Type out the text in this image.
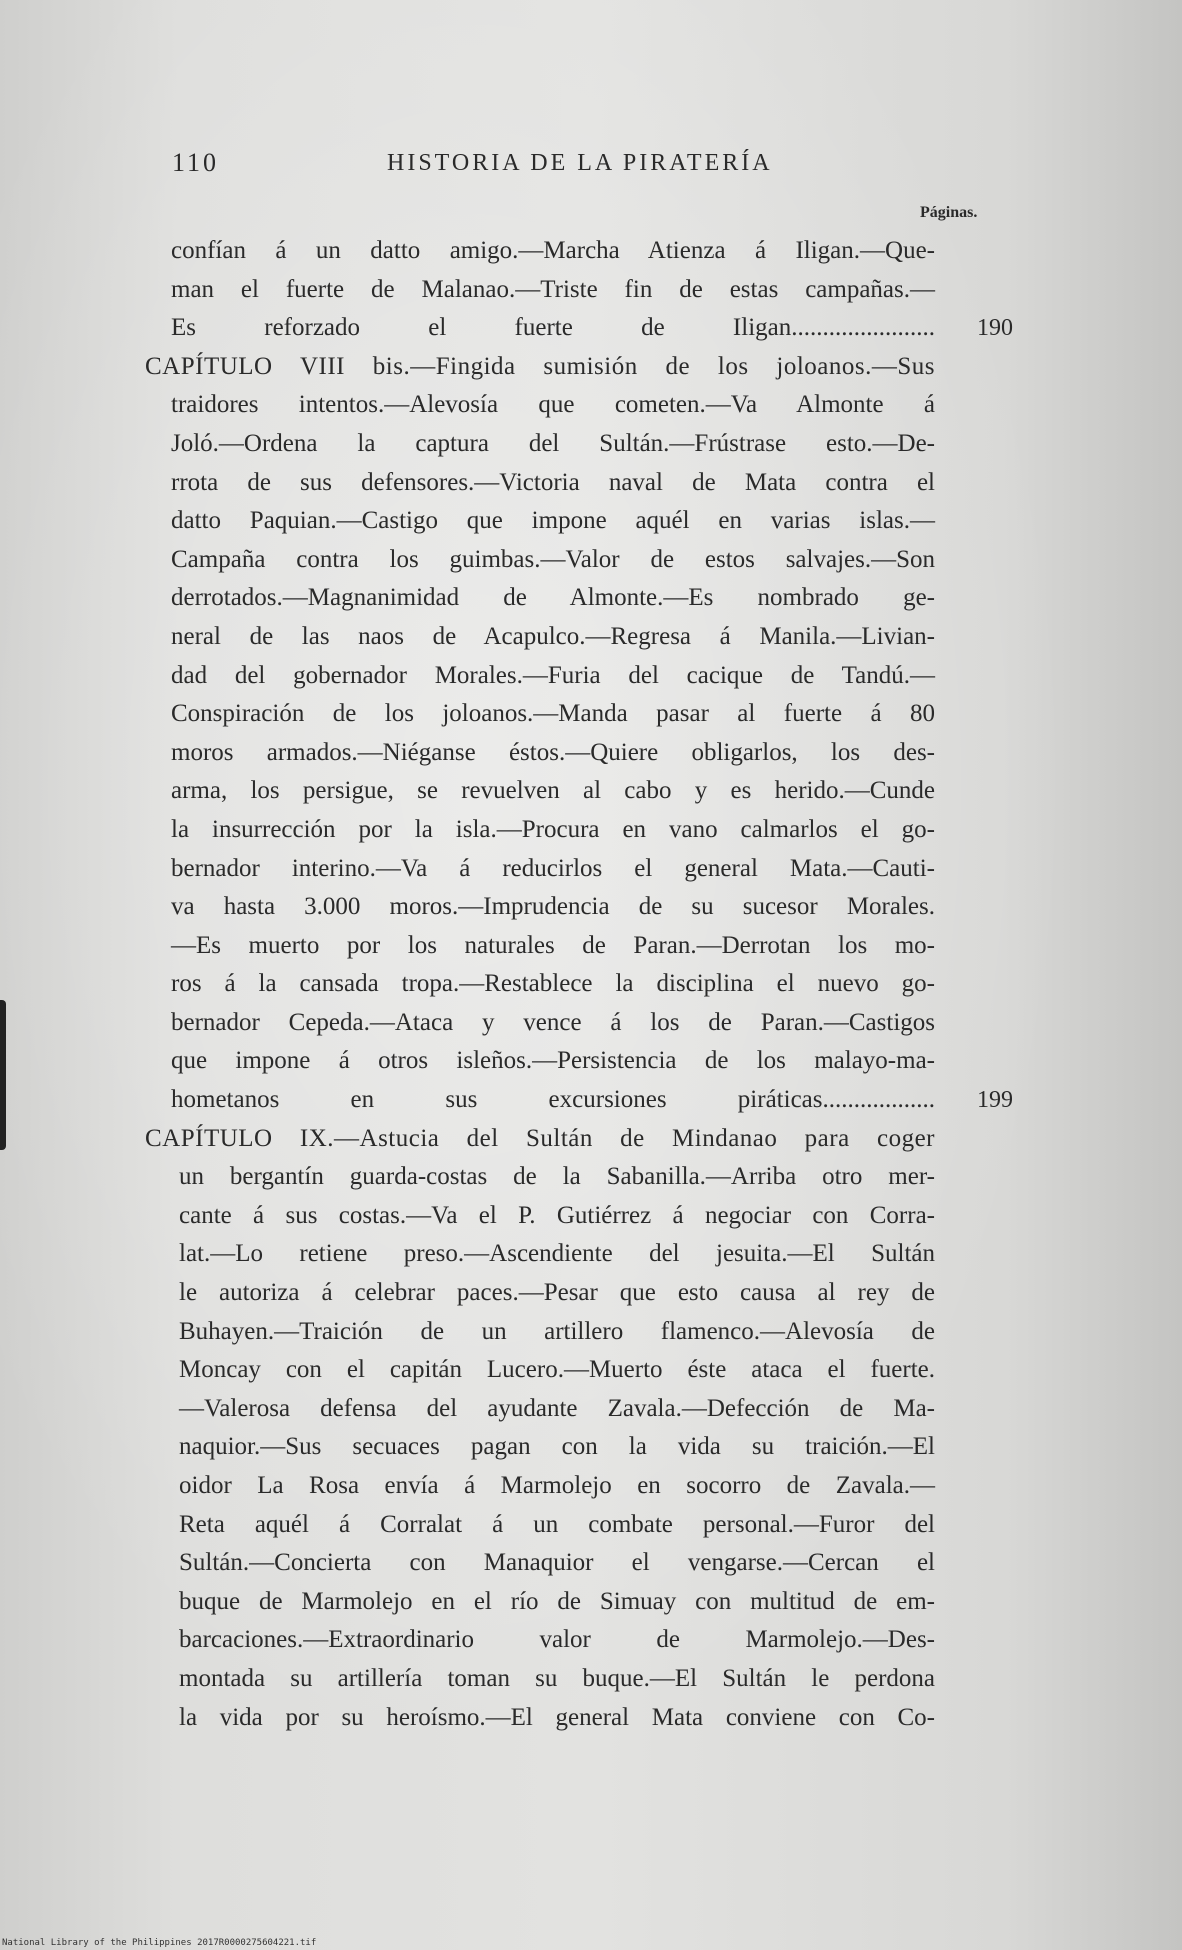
110	HISTORIA DE LA PIRATERÍA
Páginas.
confían á un datto amigo.—Marcha Atienza á Iligan.—Que-
man el fuerte de Malanao.—Triste fin de estas campañas.—
Es reforzado el fuerte de Iligan....................... 190
CAPÍTULO VIII bis.—Fingida sumisión de los joloanos.—Sus
traidores intentos.—Alevosía que cometen.—Va Almonte á
Joló.—Ordena la captura del Sultán.—Frústrase esto.—De-
rrota de sus defensores.—Victoria naval de Mata contra el
datto Paquian.—Castigo que impone aquél en varias islas.—
Campaña contra los guimbas.—Valor de estos salvajes.—Son
derrotados.—Magnanimidad de Almonte.—Es nombrado ge-
neral de las naos de Acapulco.—Regresa á Manila.—Livian-
dad del gobernador Morales.—Furia del cacique de Tandú.—
Conspiración de los joloanos.—Manda pasar al fuerte á 80
moros armados.—Niéganse éstos.—Quiere obligarlos, los des-
arma, los persigue, se revuelven al cabo y es herido.—Cunde
la insurrección por la isla.—Procura en vano calmarlos el go-
bernador interino.—Va á reducirlos el general Mata.—Cauti-
va hasta 3.000 moros.—Imprudencia de su sucesor Morales.
—Es muerto por los naturales de Paran.—Derrotan los mo-
ros á la cansada tropa.—Restablece la disciplina el nuevo go-
bernador Cepeda.—Ataca y vence á los de Paran.—Castigos
que impone á otros isleños.—Persistencia de los malayo-ma-
hometanos en sus excursiones piráticas.................. 199
CAPÍTULO IX.—Astucia del Sultán de Mindanao para coger
un bergantín guarda-costas de la Sabanilla.—Arriba otro mer-
cante á sus costas.—Va el P. Gutiérrez á negociar con Corra-
lat.—Lo retiene preso.—Ascendiente del jesuita.—El Sultán
le autoriza á celebrar paces.—Pesar que esto causa al rey de
Buhayen.—Traición de un artillero flamenco.—Alevosía de
Moncay con el capitán Lucero.—Muerto éste ataca el fuerte.
—Valerosa defensa del ayudante Zavala.—Defección de Ma-
naquior.—Sus secuaces pagan con la vida su traición.—El
oidor La Rosa envía á Marmolejo en socorro de Zavala.—
Reta aquél á Corralat á un combate personal.—Furor del
Sultán.—Concierta con Manaquior el vengarse.—Cercan el
buque de Marmolejo en el río de Simuay con multitud de em-
barcaciones.—Extraordinario valor de Marmolejo.—Des-
montada su artillería toman su buque.—El Sultán le perdona
la vida por su heroísmo.—El general Mata conviene con Co-
National Library of the Philippines 2017R0000275604221.tif
